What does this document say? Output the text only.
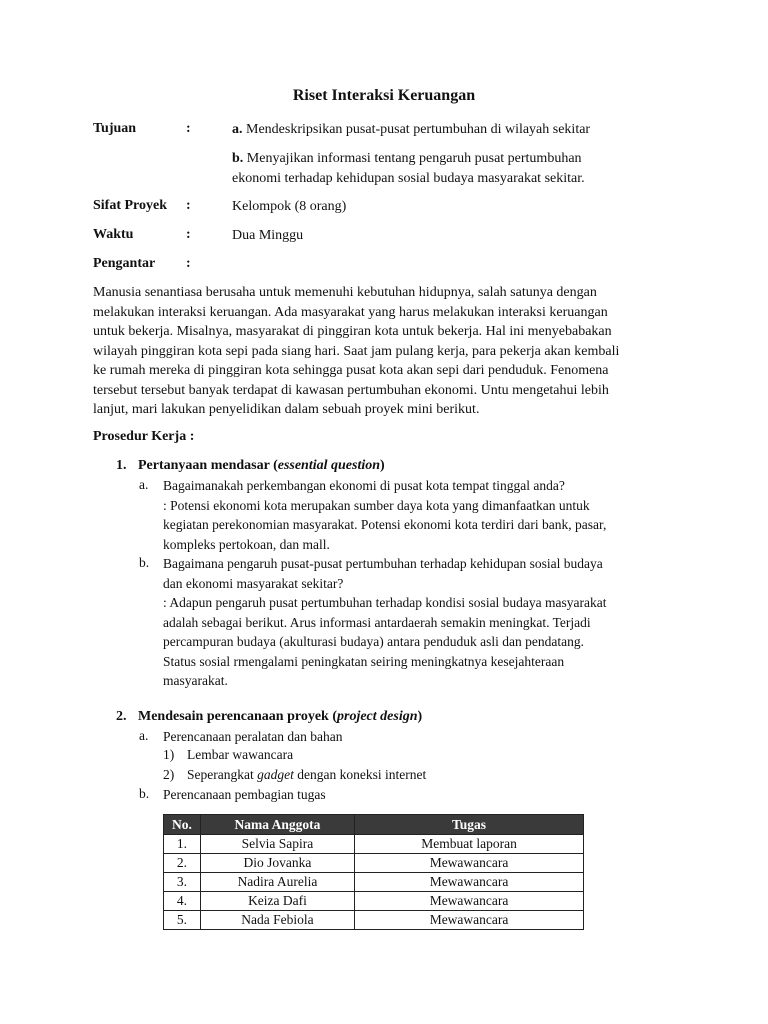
Riset Interaksi Keruangan
Tujuan	:	a. Mendeskripsikan pusat-pusat pertumbuhan di wilayah sekitar
b. Menyajikan informasi tentang pengaruh pusat pertumbuhan
ekonomi terhadap kehidupan sosial budaya masyarakat sekitar.
Sifat Proyek :	Kelompok (8 orang)
Waktu	:	Dua Minggu
Pengantar :
Manusia senantiasa berusaha untuk memenuhi kebutuhan hidupnya, salah satunya dengan
melakukan interaksi keruangan. Ada masyarakat yang harus melakukan interaksi keruangan
untuk bekerja. Misalnya, masyarakat di pinggiran kota untuk bekerja. Hal ini menyebabakan
wilayah pinggiran kota sepi pada siang hari. Saat jam pulang kerja, para pekerja akan kembali
ke rumah mereka di pinggiran kota sehingga pusat kota akan sepi dari penduduk. Fenomena
tersebut tersebut banyak terdapat di kawasan pertumbuhan ekonomi. Untu mengetahui lebih
lanjut, mari lakukan penyelidikan dalam sebuah proyek mini berikut.
Prosedur Kerja :
1. Pertanyaan mendasar (essential question)
a. Bagaimanakah perkembangan ekonomi di pusat kota tempat tinggal anda?
: Potensi ekonomi kota merupakan sumber daya kota yang dimanfaatkan untuk
kegiatan perekonomian masyarakat. Potensi ekonomi kota terdiri dari bank, pasar,
kompleks pertokoan, dan mall.
b. Bagaimana pengaruh pusat-pusat pertumbuhan terhadap kehidupan sosial budaya
dan ekonomi masyarakat sekitar?
: Adapun pengaruh pusat pertumbuhan terhadap kondisi sosial budaya masyarakat
adalah sebagai berikut. Arus informasi antardaerah semakin meningkat. Terjadi
percampuran budaya (akulturasi budaya) antara penduduk asli dan pendatang.
Status sosial rmengalami peningkatan seiring meningkatnya kesejahteraan
masyarakat.
2. Mendesain perencanaan proyek (project design)
a. Perencanaan peralatan dan bahan
1) Lembar wawancara
2) Seperangkat gadget dengan koneksi internet
b. Perencanaan pembagian tugas
No.	Nama Anggota	Tugas
1.	Selvia Sapira	Membuat laporan
2.	Dio Jovanka	Mewawancara
3.	Nadira Aurelia	Mewawancara
4.	Keiza Dafi	Mewawancara
5.	Nada Febiola	Mewawancara
